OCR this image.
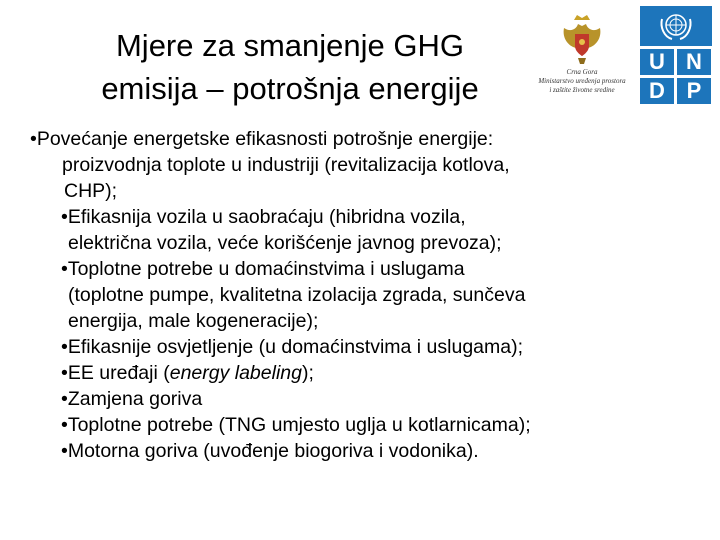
Mjere za smanjenje GHG
emisija – potrošnja energije	Crna Gora
Ministarstvo uređenja prostora
i zaštite životne sredine
U N
D P
•Povećanje energetske efikasnosti potrošnje energije:
proizvodnja toplote u industriji (revitalizacija kotlova,
CHP);
•Efikasnija vozila u saobraćaju (hibridna vozila,
električna vozila, veće korišćenje javnog prevoza);
•Toplotne potrebe u domaćinstvima i uslugama
(toplotne pumpe, kvalitetna izolacija zgrada, sunčeva
energija, male kogeneracije);
•Efikasnije osvjetljenje (u domaćinstvima i uslugama);
•EE uređaji (energy labeling);
•Zamjena goriva
•Toplotne potrebe (TNG umjesto uglja u kotlarnicama);
•Motorna goriva (uvođenje biogoriva i vodonika).
